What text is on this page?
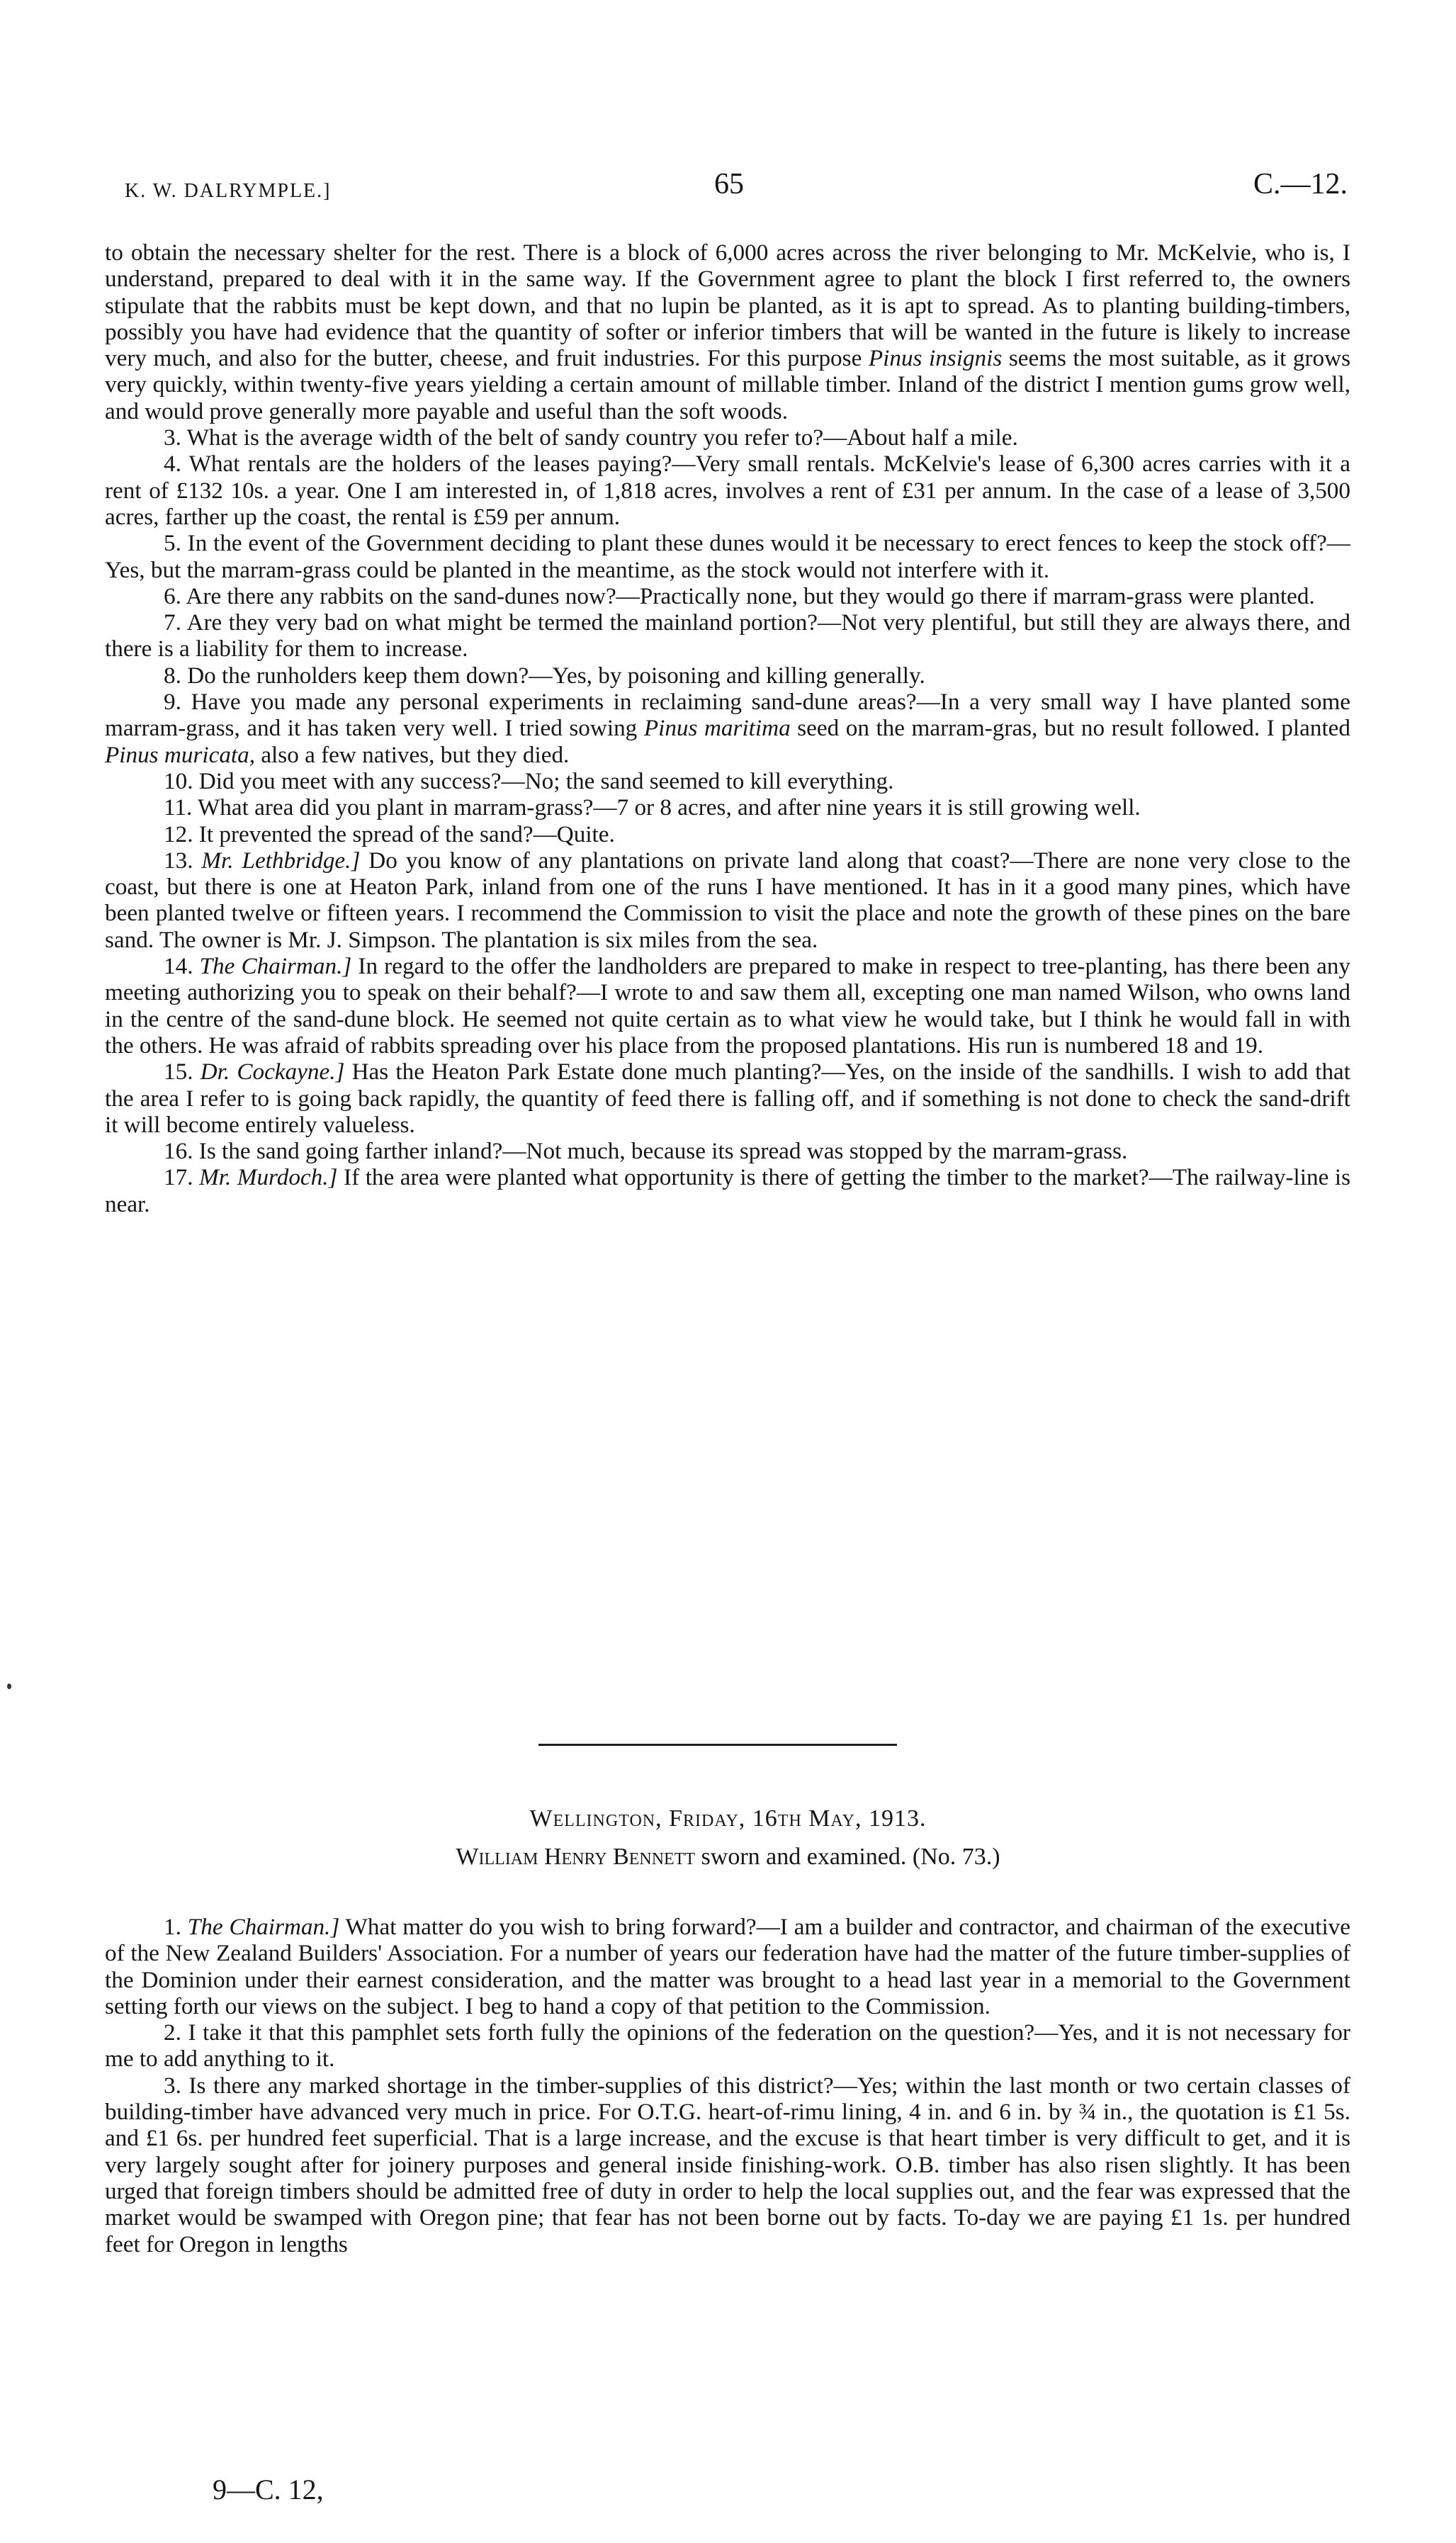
K. W. DALRYMPLE.]	65	C.—12.

to obtain the necessary shelter for the rest. There is a block of 6,000 acres across the river belonging to Mr. McKelvie, who is, I understand, prepared to deal with it in the same way. If the Government agree to plant the block I first referred to, the owners stipulate that the rabbits must be kept down, and that no lupin be planted, as it is apt to spread. As to planting building-timbers, possibly you have had evidence that the quantity of softer or inferior timbers that will be wanted in the future is likely to increase very much, and also for the butter, cheese, and fruit industries. For this purpose Pinus insignis seems the most suitable, as it grows very quickly, within twenty-five years yielding a certain amount of millable timber. Inland of the district I mention gums grow well, and would prove generally more payable and useful than the soft woods.

3. What is the average width of the belt of sandy country you refer to?—About half a mile.

4. What rentals are the holders of the leases paying?—Very small rentals. McKelvie's lease of 6,300 acres carries with it a rent of £132 10s. a year. One I am interested in, of 1,818 acres, involves a rent of £31 per annum. In the case of a lease of 3,500 acres, farther up the coast, the rental is £59 per annum.

5. In the event of the Government deciding to plant these dunes would it be necessary to erect fences to keep the stock off?—Yes, but the marram-grass could be planted in the meantime, as the stock would not interfere with it.

6. Are there any rabbits on the sand-dunes now?—Practically none, but they would go there if marram-grass were planted.

7. Are they very bad on what might be termed the mainland portion?—Not very plentiful, but still they are always there, and there is a liability for them to increase.

8. Do the runholders keep them down?—Yes, by poisoning and killing generally.

9. Have you made any personal experiments in reclaiming sand-dune areas?—In a very small way I have planted some marram-grass, and it has taken very well. I tried sowing Pinus maritima seed on the marram-gras, but no result followed. I planted Pinus muricata, also a few natives, but they died.

10. Did you meet with any success?—No; the sand seemed to kill everything.

11. What area did you plant in marram-grass?—7 or 8 acres, and after nine years it is still growing well.

12. It prevented the spread of the sand?—Quite.

13. Mr. Lethbridge.] Do you know of any plantations on private land along that coast?—There are none very close to the coast, but there is one at Heaton Park, inland from one of the runs I have mentioned. It has in it a good many pines, which have been planted twelve or fifteen years. I recommend the Commission to visit the place and note the growth of these pines on the bare sand. The owner is Mr. J. Simpson. The plantation is six miles from the sea.

14. The Chairman.] In regard to the offer the landholders are prepared to make in respect to tree-planting, has there been any meeting authorizing you to speak on their behalf?—I wrote to and saw them all, excepting one man named Wilson, who owns land in the centre of the sand-dune block. He seemed not quite certain as to what view he would take, but I think he would fall in with the others. He was afraid of rabbits spreading over his place from the proposed plantations. His run is numbered 18 and 19.

15. Dr. Cockayne.] Has the Heaton Park Estate done much planting?—Yes, on the inside of the sandhills. I wish to add that the area I refer to is going back rapidly, the quantity of feed there is falling off, and if something is not done to check the sand-drift it will become entirely valueless.

16. Is the sand going farther inland?—Not much, because its spread was stopped by the marram-grass.

17. Mr. Murdoch.] If the area were planted what opportunity is there of getting the timber to the market?—The railway-line is near.

Wellington, Friday, 16th May, 1913.
William Henry Bennett sworn and examined. (No. 73.)

1. The Chairman.] What matter do you wish to bring forward?—I am a builder and contractor, and chairman of the executive of the New Zealand Builders' Association. For a number of years our federation have had the matter of the future timber-supplies of the Dominion under their earnest consideration, and the matter was brought to a head last year in a memorial to the Government setting forth our views on the subject. I beg to hand a copy of that petition to the Commission.

2. I take it that this pamphlet sets forth fully the opinions of the federation on the question?—Yes, and it is not necessary for me to add anything to it.

3. Is there any marked shortage in the timber-supplies of this district?—Yes; within the last month or two certain classes of building-timber have advanced very much in price. For O.T.G. heart-of-rimu lining, 4 in. and 6 in. by ¾ in., the quotation is £1 5s. and £1 6s. per hundred feet superficial. That is a large increase, and the excuse is that heart timber is very difficult to get, and it is very largely sought after for joinery purposes and general inside finishing-work. O.B. timber has also risen slightly. It has been urged that foreign timbers should be admitted free of duty in order to help the local supplies out, and the fear was expressed that the market would be swamped with Oregon pine; that fear has not been borne out by facts. To-day we are paying £1 1s. per hundred feet for Oregon in lengths

9—C. 12,
